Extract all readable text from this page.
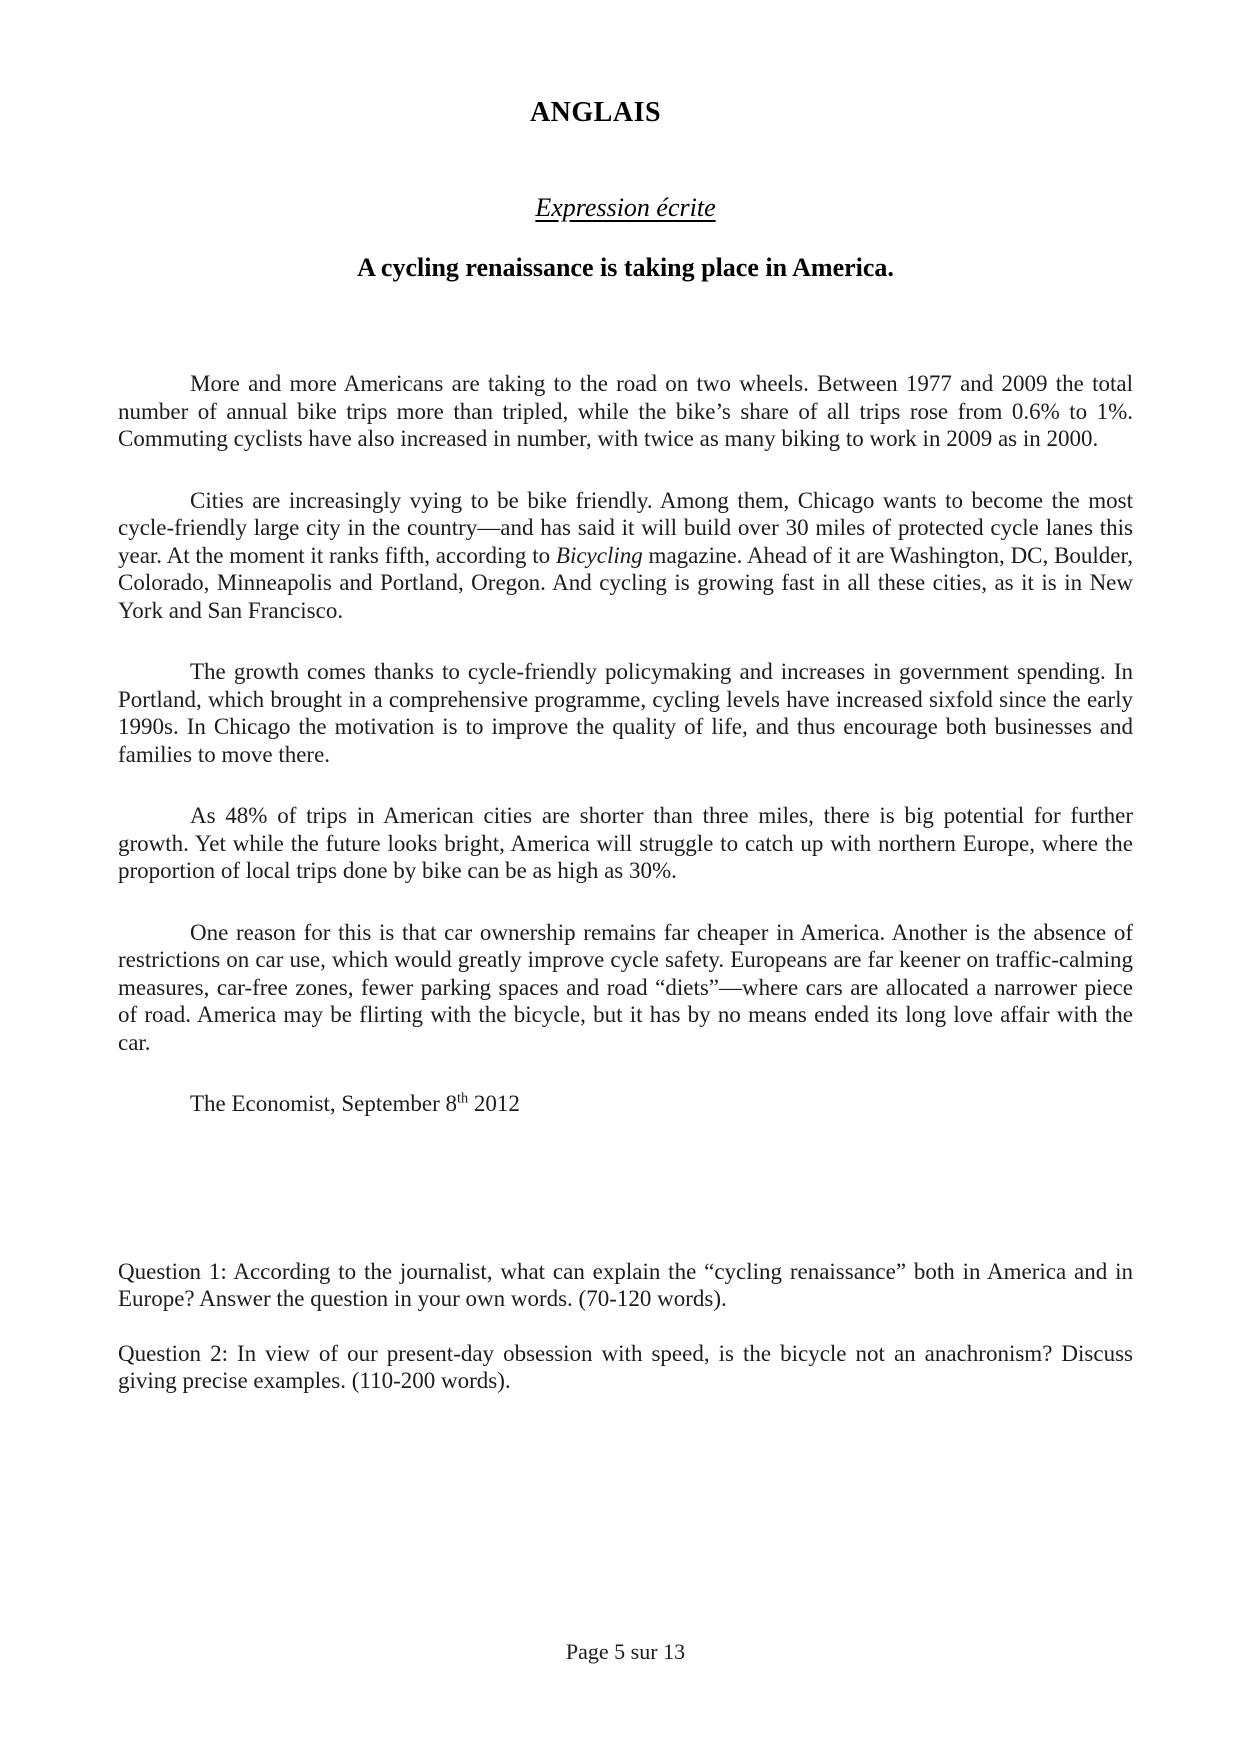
ANGLAIS
Expression écrite
A cycling renaissance is taking place in America.

More and more Americans are taking to the road on two wheels. Between 1977 and 2009 the total number of annual bike trips more than tripled, while the bike’s share of all trips rose from 0.6% to 1%. Commuting cyclists have also increased in number, with twice as many biking to work in 2009 as in 2000.

Cities are increasingly vying to be bike friendly. Among them, Chicago wants to become the most cycle-friendly large city in the country—and has said it will build over 30 miles of protected cycle lanes this year. At the moment it ranks fifth, according to Bicycling magazine. Ahead of it are Washington, DC, Boulder, Colorado, Minneapolis and Portland, Oregon. And cycling is growing fast in all these cities, as it is in New York and San Francisco.

The growth comes thanks to cycle-friendly policymaking and increases in government spending. In Portland, which brought in a comprehensive programme, cycling levels have increased sixfold since the early 1990s. In Chicago the motivation is to improve the quality of life, and thus encourage both businesses and families to move there.

As 48% of trips in American cities are shorter than three miles, there is big potential for further growth. Yet while the future looks bright, America will struggle to catch up with northern Europe, where the proportion of local trips done by bike can be as high as 30%.

One reason for this is that car ownership remains far cheaper in America. Another is the absence of restrictions on car use, which would greatly improve cycle safety. Europeans are far keener on traffic-calming measures, car-free zones, fewer parking spaces and road “diets”—where cars are allocated a narrower piece of road. America may be flirting with the bicycle, but it has by no means ended its long love affair with the car.

The Economist, September 8th 2012

Question 1: According to the journalist, what can explain the “cycling renaissance” both in America and in Europe? Answer the question in your own words. (70-120 words).

Question 2: In view of our present-day obsession with speed, is the bicycle not an anachronism? Discuss giving precise examples. (110-200 words).

Page 5 sur 13
